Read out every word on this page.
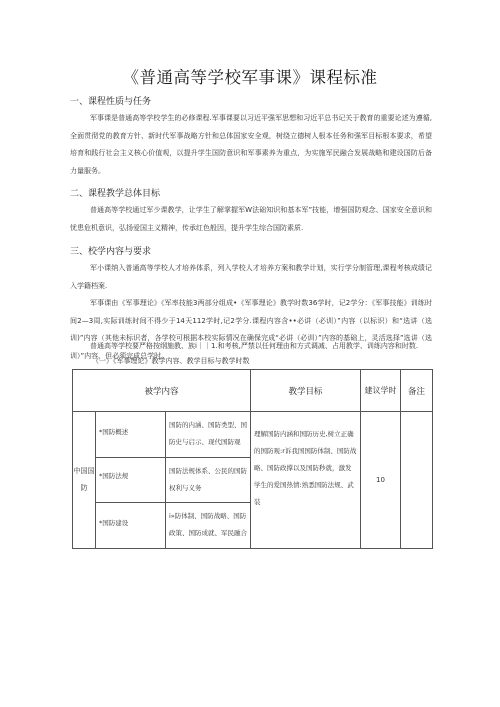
《普通高等学校军事课》课程标准
一、课程性质与任务

军事课是普通高等学校学生的必修课程.军事课要以习近平强军思想和习近平总书记关于教育的重要论述为遵循,全面贯彻党的教育方针、新时代军事战略方针和总体国家安全观，树绕立德树人根本任务和强军目标根本要求，希望培育和践行社会主义核心价值观，以提升学生国防意识和军事素养为重点，为实施军民融合发展战略和建设国防后备力量服务。

二、课程教学总体目标

普通高等学校通过军少课教学，让学生了解掌握军W法础知识和基本军”技能，增强国防观念、国家安全意识和忧患危机意识，弘扬爱国主义精神，传承红色般因，提升学生综合国防素质.

三、校学内容与要求

军小课纳入普通高等学校人才培养体系，列入学校人才培养方案和教学计划，实行学分制管理,课程考核成绩记入学籍档案.

军事课由《军事理论》《军率技能3两部分组成•《军事理论》教学时数36学时，记2学分：《军事技能》训练时间2—3周,实际训练时间不得少于14天112学时,记2学分.课程内容含••必讲（必训）”内容（以标识）和“选讲（选训)”内容（其他未标识者，各学校可根据本校实际情况在确保完成“必讲（必训）”内容的基础上，灵活选择”选讲（选训）”内容，但必须完成总学时。

普通高等学校要严格按纲施教、族i｜｜1.和考核,严禁以任何理由和方式调减、占用教学、训练内容和时数.

（一）《军事理论》教学内容、教学目标与教学时数
被学内容			教学目标	建议学时	备注
中国国防	*国防概述	国防的内涵、国防类型、国防史与启示、现代国防观	理解国防内涵和国防历史,树立正确的国防观:r诉我国国防体制、国防战略、国防政撑以及国防秒就，激发学生的爱国热情:熟悉国防法规、武装	10	
	*国防法规	国防法规体系、公民的国防权利与义务			
	*国防建设	i»防体制、国防战略、国防政策、国防成就、军民融合			
